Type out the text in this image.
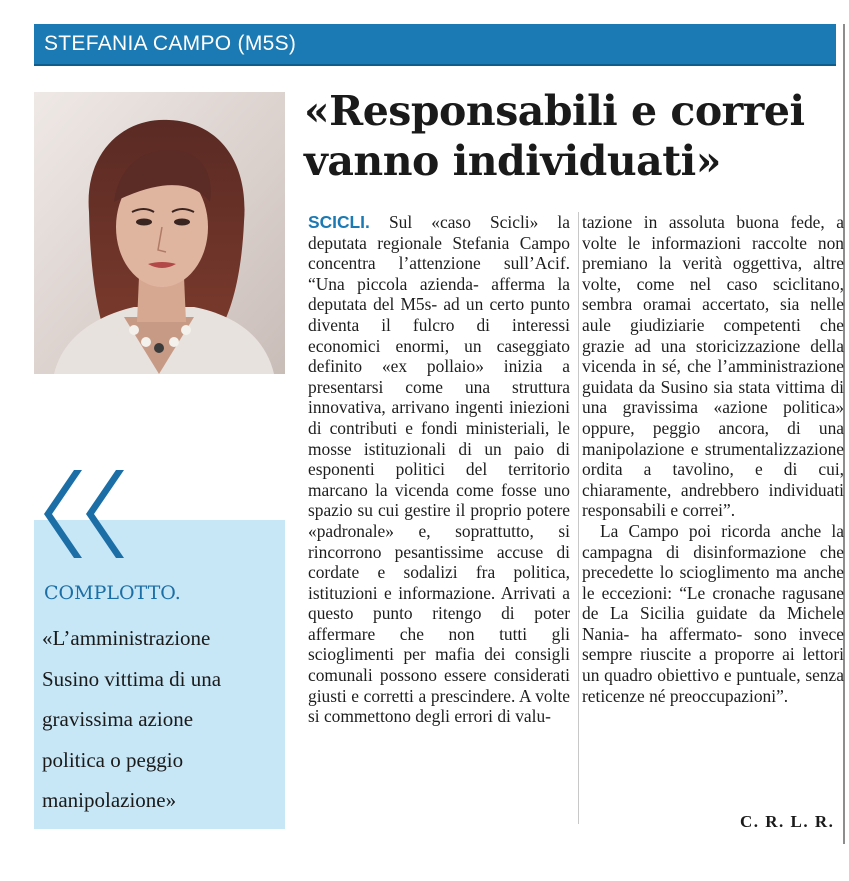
STEFANIA CAMPO (M5S)
«Responsabili e correi vanno individuati»

SCICLI. Sul «caso Scicli» la deputata regionale Stefania Campo concentra l’attenzione sull’Acif. “Una piccola azienda- afferma la deputata del M5s- ad un certo punto diventa il fulcro di interessi economici enormi, un caseggiato definito «ex pollaio» inizia a presentarsi come una struttura innovativa, arrivano ingenti iniezioni di contributi e fondi ministeriali, le mosse istituzionali di un paio di esponenti politici del territorio marcano la vicenda come fosse uno spazio su cui gestire il proprio potere «padronale» e, soprattutto, si rincorrono pesantissime accuse di cordate e sodalizi fra politica, istituzioni e informazione. Arrivati a questo punto ritengo di poter affermare che non tutti gli scioglimenti per mafia dei consigli comunali possono essere considerati giusti e corretti a prescindere. A volte si commettono degli errori di valu-

tazione in assoluta buona fede, a volte le informazioni raccolte non premiano la verità oggettiva, altre volte, come nel caso sciclitano, sembra oramai accertato, sia nelle aule giudiziarie competenti che grazie ad una storicizzazione della vicenda in sé, che l’amministrazione guidata da Susino sia stata vittima di una gravissima «azione politica» oppure, peggio ancora, di una manipolazione e strumentalizzazione ordita a tavolino, e di cui, chiaramente, andrebbero individuati responsabili e correi”.

La Campo poi ricorda anche la campagna di disinformazione che precedette lo scioglimento ma anche le eccezioni: “Le cronache ragusane de La Sicilia guidate da Michele Nania- ha affermato- sono invece sempre riuscite a proporre ai lettori un quadro obiettivo e puntuale, senza reticenze né preoccupazioni”.

C. R. L. R.
COMPLOTTO.
«L’amministrazione
Susino vittima di una
gravissima azione
politica o peggio
manipolazione»
